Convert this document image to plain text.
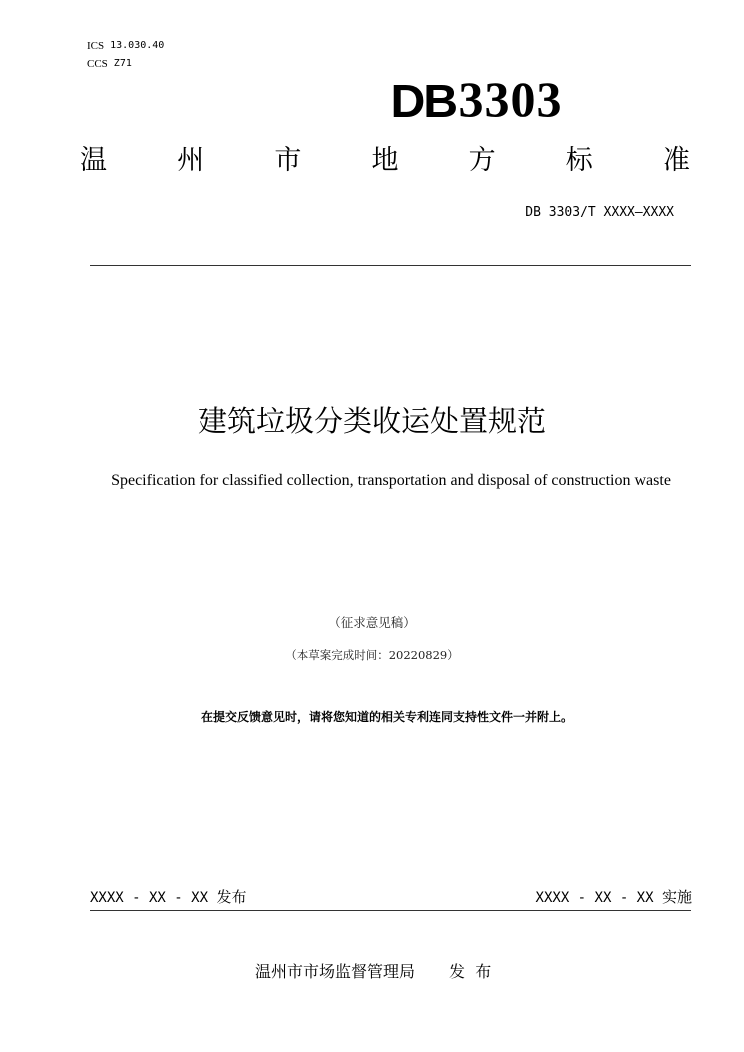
ICS 13.030.40
CCS Z71
DB 3303
温	州	市	地	方	标	准
DB 3303/T XXXX—XXXX
建筑垃圾分类收运处置规范
Specification for classified collection, transportation and disposal of construction waste
（征求意见稿）
（本草案完成时间：20220829）
在提交反馈意见时，请将您知道的相关专利连同支持性文件一并附上。
XXXX - XX - XX 发布	XXXX - XX - XX 实施
温州市市场监督管理局 发  布
